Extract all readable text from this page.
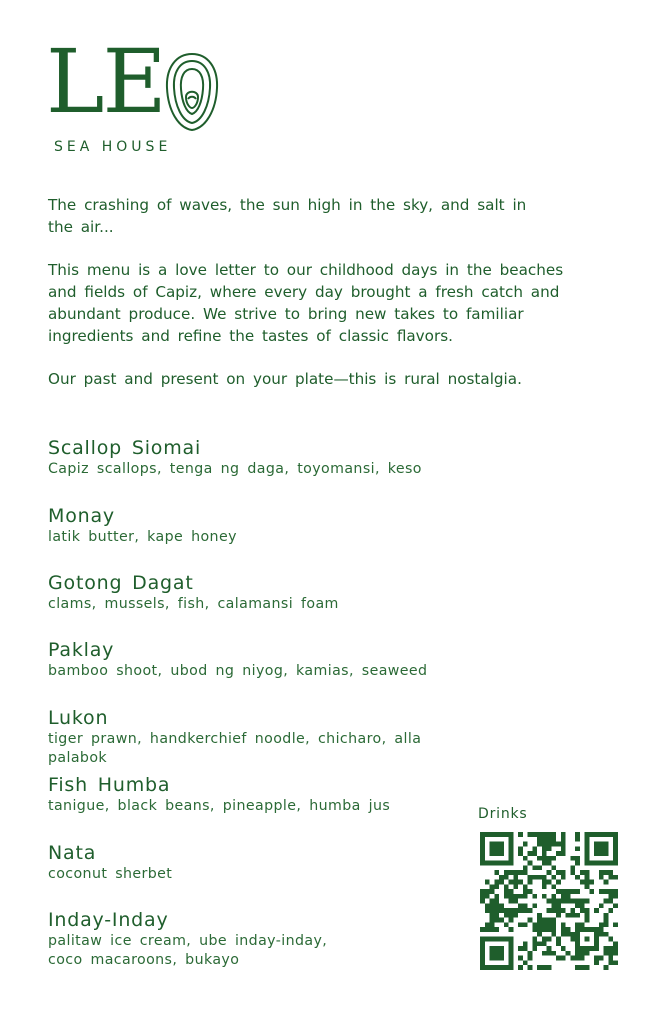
LE
SEA HOUSE

The crashing of waves, the sun high in the sky, and salt in the air...

This menu is a love letter to our childhood days in the beaches and fields of Capiz, where every day brought a fresh catch and abundant produce. We strive to bring new takes to familiar ingredients and refine the tastes of classic flavors.

Our past and present on your plate—this is rural nostalgia.

Scallop Siomai
Capiz scallops, tenga ng daga, toyomansi, keso
Monay
latik butter, kape honey
Gotong Dagat
clams, mussels, fish, calamansi foam
Paklay
bamboo shoot, ubod ng niyog, kamias, seaweed
Lukon
tiger prawn, handkerchief noodle, chicharo, alla palabok
Fish Humba
tanigue, black beans, pineapple, humba jus
Nata
coconut sherbet
Inday-Inday
palitaw ice cream, ube inday-inday,
coco macaroons, bukayo
Drinks
